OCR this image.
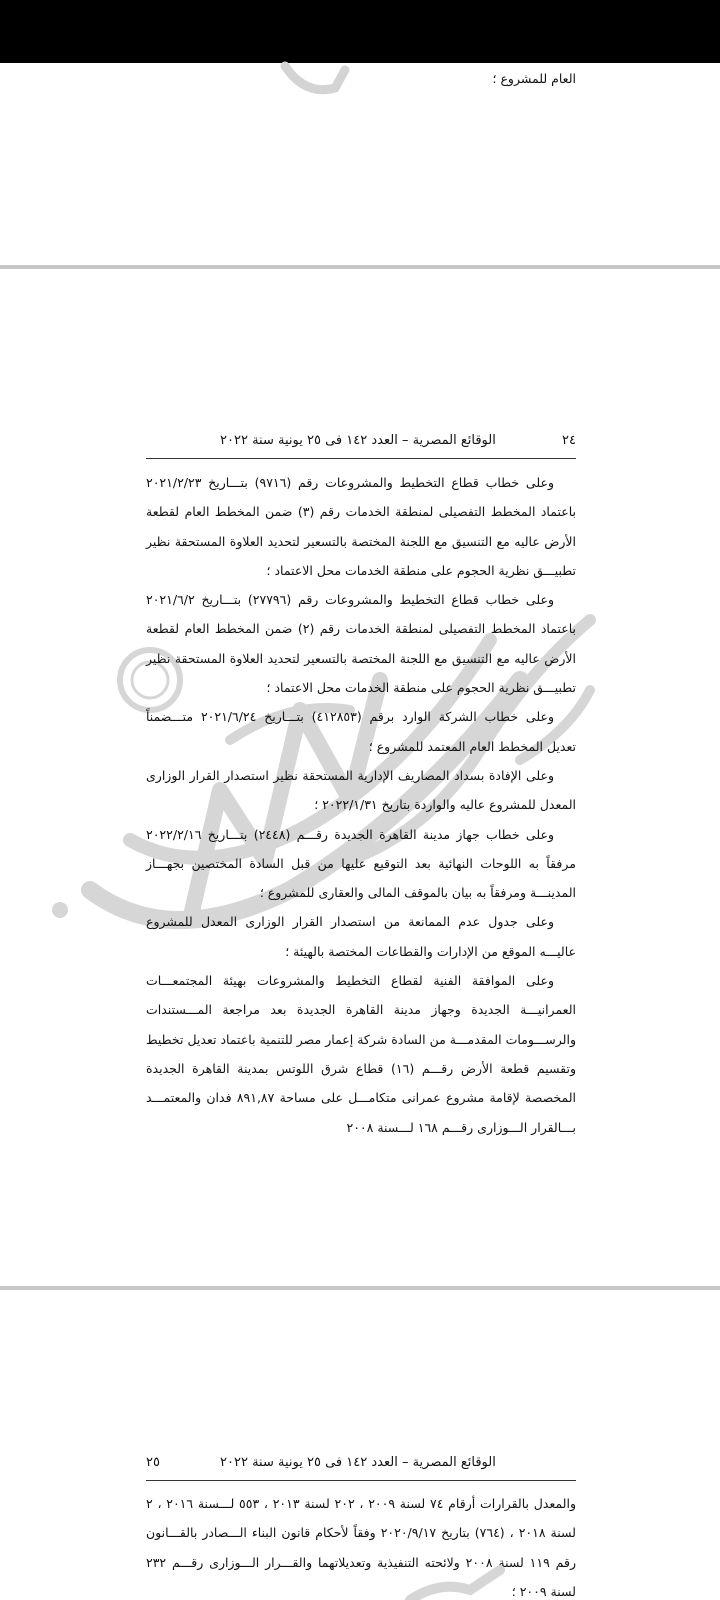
العام للمشروع ؛

الوقائع المصرية – العدد ١٤٢ فى ٢٥ يونية سنة ٢٠٢٢	٢٤

وعلى خطاب قطاع التخطيط والمشروعات رقم (٩٧١٦) بتـــاريخ ٢٠٢١/٢/٢٣ باعتماد المخطط التفصيلى لمنطقة الخدمات رقم (٣) ضمن المخطط العام لقطعة الأرض عاليه مع التنسيق مع اللجنة المختصة بالتسعير لتحديد العلاوة المستحقة نظير تطبيـــق نظرية الحجوم على منطقة الخدمات محل الاعتماد ؛

وعلى خطاب قطاع التخطيط والمشروعات رقم (٢٧٧٩٦) بتـــاريخ ٢٠٢١/٦/٢ باعتماد المخطط التفصيلى لمنطقة الخدمات رقم (٢) ضمن المخطط العام لقطعة الأرض عاليه مع التنسيق مع اللجنة المختصة بالتسعير لتحديد العلاوة المستحقة نظير تطبيـــق نظرية الحجوم على منطقة الخدمات محل الاعتماد ؛

وعلى خطاب الشركة الوارد برقم (٤١٢٨٥٣) بتـــاريخ ٢٠٢١/٦/٢٤ متـــضمناً تعديل المخطط العام المعتمد للمشروع ؛

وعلى الإفادة بسداد المصاريف الإدارية المستحقة نظير استصدار القرار الوزارى المعدل للمشروع عاليه والواردة بتاريخ ٢٠٢٢/١/٣١ ؛

وعلى خطاب جهاز مدينة القاهرة الجديدة رقـــم (٢٤٤٨) بتـــاريخ ٢٠٢٢/٢/١٦ مرفقاً به اللوحات النهائية بعد التوقيع عليها من قبل السادة المختصين بجهـــاز المدينـــة ومرفقاً به بيان بالموقف المالى والعقارى للمشروع ؛

وعلى جدول عدم الممانعة من استصدار القرار الوزارى المعدل للمشروع عاليـــه الموقع من الإدارات والقطاعات المختصة بالهيئة ؛

وعلى الموافقة الفنية لقطاع التخطيط والمشروعات بهيئة المجتمعـــات العمرانيـــة الجديدة وجهاز مدينة القاهرة الجديدة بعد مراجعة المـــستندات والرســـومات المقدمـــة من السادة شركة إعمار مصر للتنمية باعتماد تعديل تخطيط وتقسيم قطعة الأرض رقـــم (١٦) قطاع شرق اللوتس بمدينة القاهرة الجديدة المخصصة لإقامة مشروع عمرانى متكامـــل على مساحة ٨٩١,٨٧ فدان والمعتمـــد بـــالقرار الـــوزارى رقـــم ١٦٨ لـــسنة ٢٠٠٨

الوقائع المصرية – العدد ١٤٢ فى ٢٥ يونية سنة ٢٠٢٢
٢٥

والمعدل بالقرارات أرقام ٧٤ لسنة ٢٠٠٩ ، ٢٠٢ لسنة ٢٠١٣ ، ٥٥٣ لـــسنة ٢٠١٦ ، ٢ لسنة ٢٠١٨ ، (٧٦٤) بتاريخ ٢٠٢٠/٩/١٧ وفقاً لأحكام قانون البناء الـــصادر بالقـــانون رقم ١١٩ لسنة ٢٠٠٨ ولائحته التنفيذية وتعديلاتهما والقـــرار الـــوزارى رقـــم ٢٣٢ لسنة ٢٠٠٩ ؛
